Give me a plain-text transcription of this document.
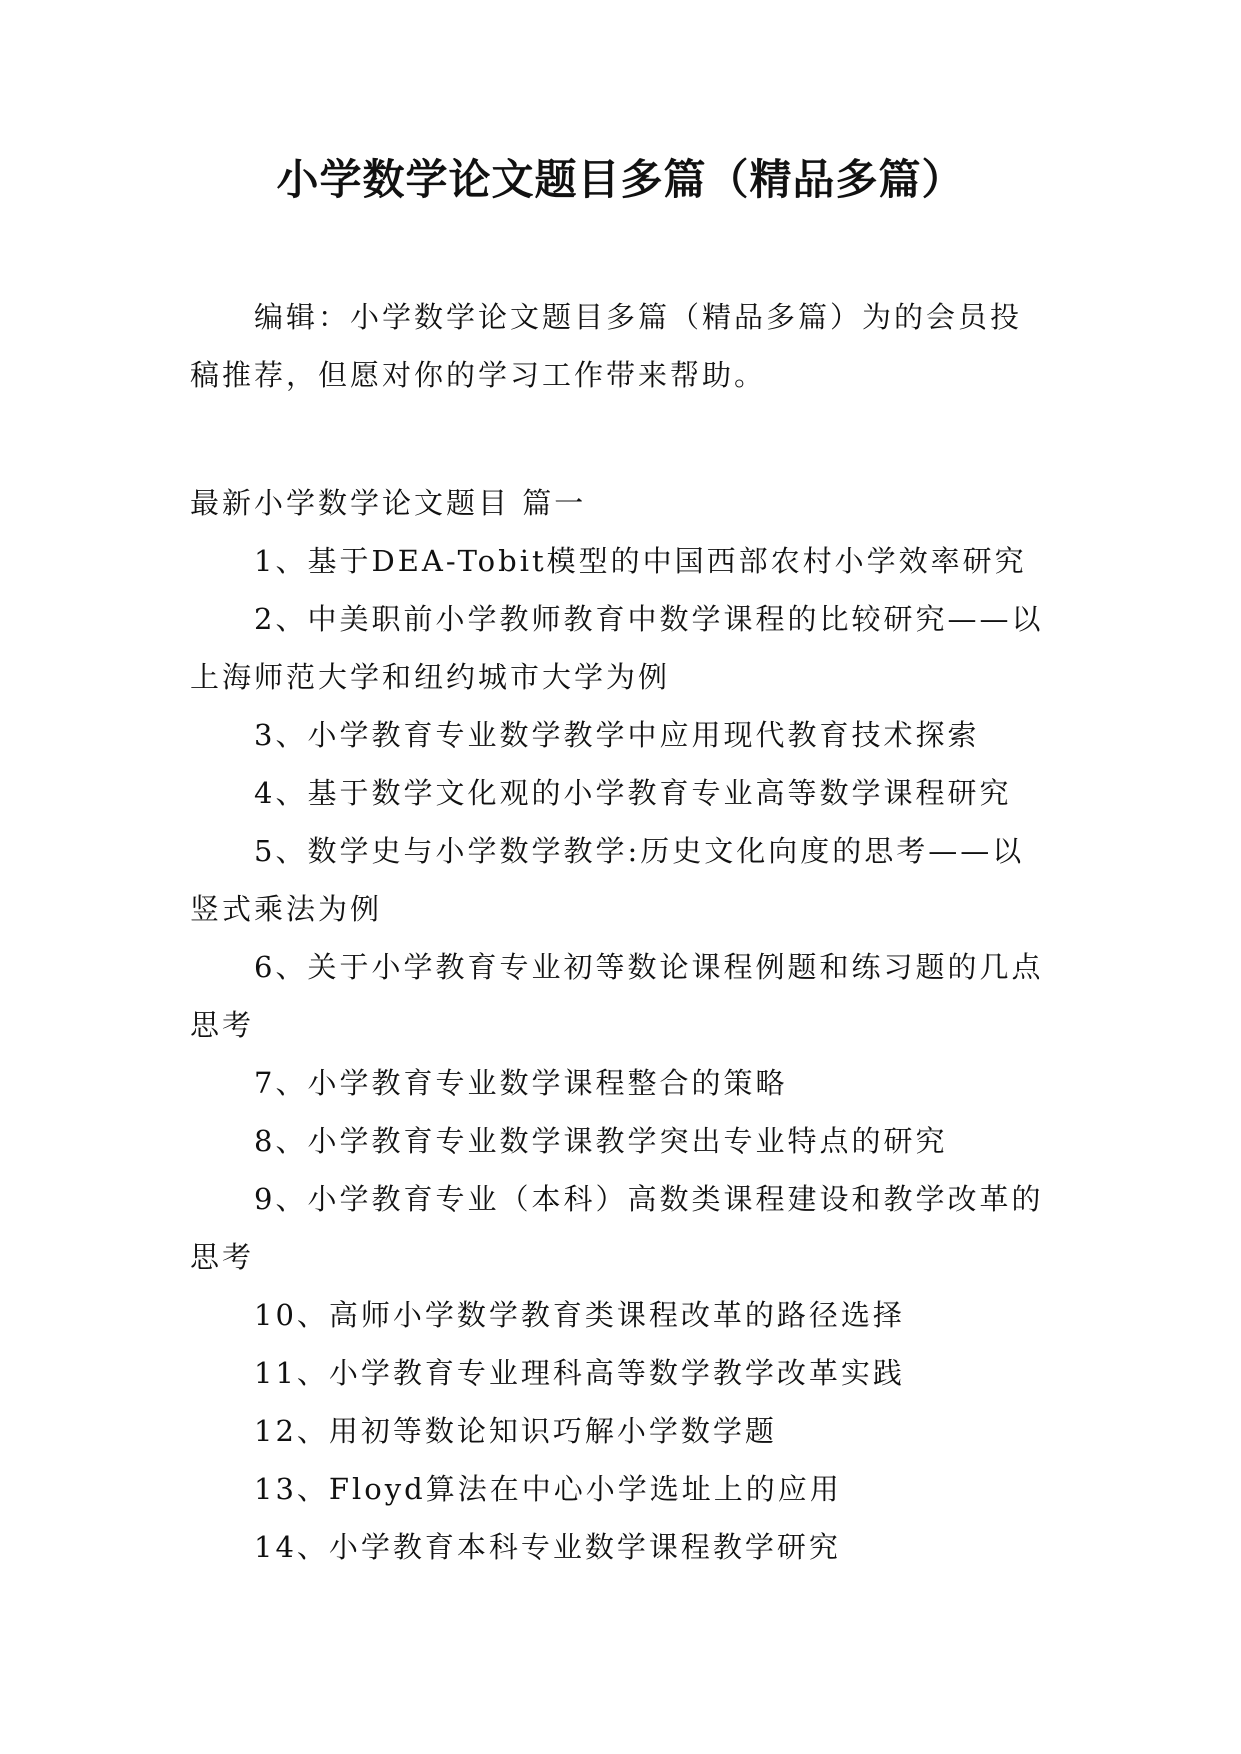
小学数学论文题目多篇（精品多篇）

编辑：小学数学论文题目多篇（精品多篇）为的会员投稿推荐，但愿对你的学习工作带来帮助。

最新小学数学论文题目 篇一
1、基于DEA-Tobit模型的中国西部农村小学效率研究
2、中美职前小学教师教育中数学课程的比较研究——以上海师范大学和纽约城市大学为例
3、小学教育专业数学教学中应用现代教育技术探索
4、基于数学文化观的小学教育专业高等数学课程研究
5、数学史与小学数学教学:历史文化向度的思考——以竖式乘法为例
6、关于小学教育专业初等数论课程例题和练习题的几点思考
7、小学教育专业数学课程整合的策略
8、小学教育专业数学课教学突出专业特点的研究
9、小学教育专业（本科）高数类课程建设和教学改革的思考
10、高师小学数学教育类课程改革的路径选择
11、小学教育专业理科高等数学教学改革实践
12、用初等数论知识巧解小学数学题
13、Floyd算法在中心小学选址上的应用
14、小学教育本科专业数学课程教学研究
